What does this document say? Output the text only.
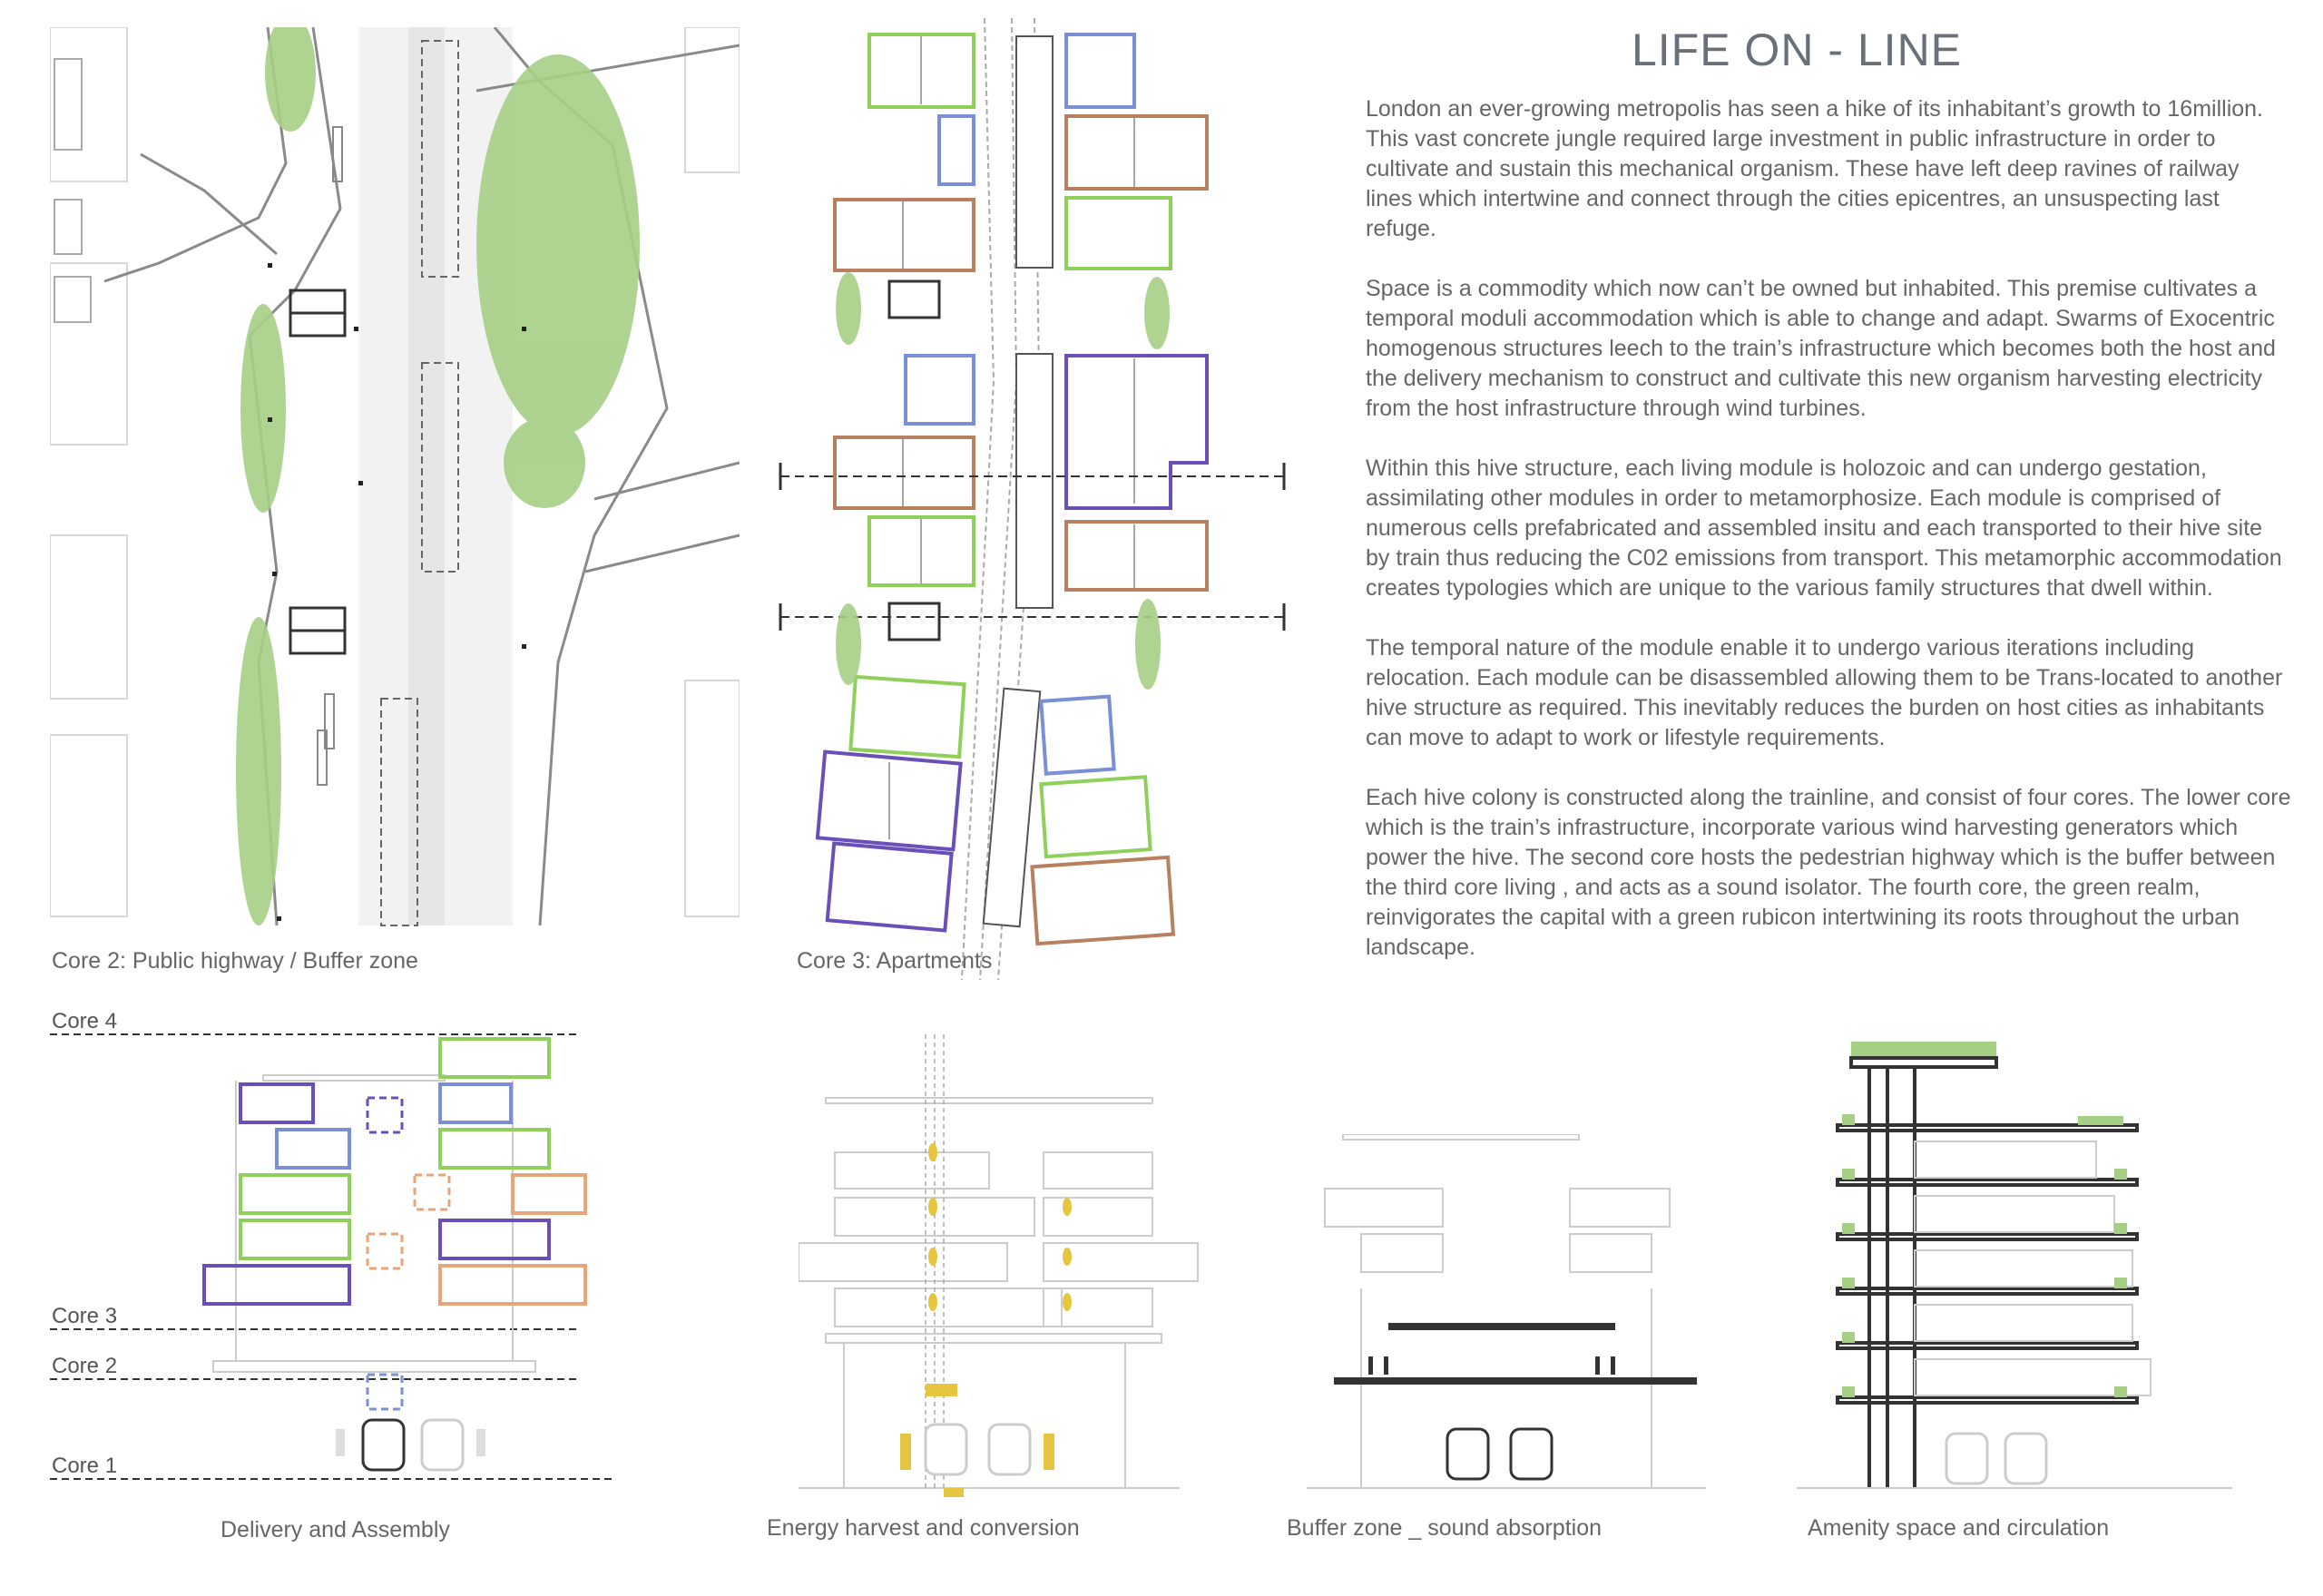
LIFE ON - LINE

London an ever-growing metropolis has seen a hike of its inhabitant’s growth to 16million. This vast concrete jungle required large investment in public infrastructure in order to cultivate and sustain this mechanical organism. These have left deep ravines of railway lines which intertwine and connect through the cities epicentres, an unsuspecting last refuge.

Space is a commodity which now can’t be owned but inhabited. This premise cultivates a temporal moduli accommodation which is able to change and adapt. Swarms of Exocentric homogenous structures leech to the train’s infrastructure which becomes both the host and the delivery mechanism to construct and cultivate this new organism harvesting electricity from the host infrastructure through wind turbines.

Within this hive structure, each living module is holozoic and can undergo gestation, assimilating other modules in order to metamorphosize. Each module is comprised of numerous cells prefabricated and assembled insitu and each transported to their hive site by train thus reducing the C02 emissions from transport. This metamorphic accommodation creates typologies which are unique to the various family structures that dwell within.

The temporal nature of the module enable it to undergo various iterations including relocation. Each module can be disassembled allowing them to be Trans-located to another hive structure as required. This inevitably reduces the burden on host cities as inhabitants can move to adapt to work or lifestyle requirements.

Each hive colony is constructed along the trainline, and consist of four cores. The lower core which is the train’s infrastructure, incorporate various wind harvesting generators which power the hive. The second core hosts the pedestrian highway which is the buffer between the third core living , and acts as a sound isolator. The fourth core, the green realm, reinvigorates the capital with a green rubicon intertwining its roots throughout the urban landscape.

Core 2: Public highway / Buffer zone	Core 3: Apartments
Core 4
Core 3
Core 2
Core 1
Delivery and Assembly	Energy harvest and conversion	Buffer zone _ sound absorption	Amenity space and circulation
